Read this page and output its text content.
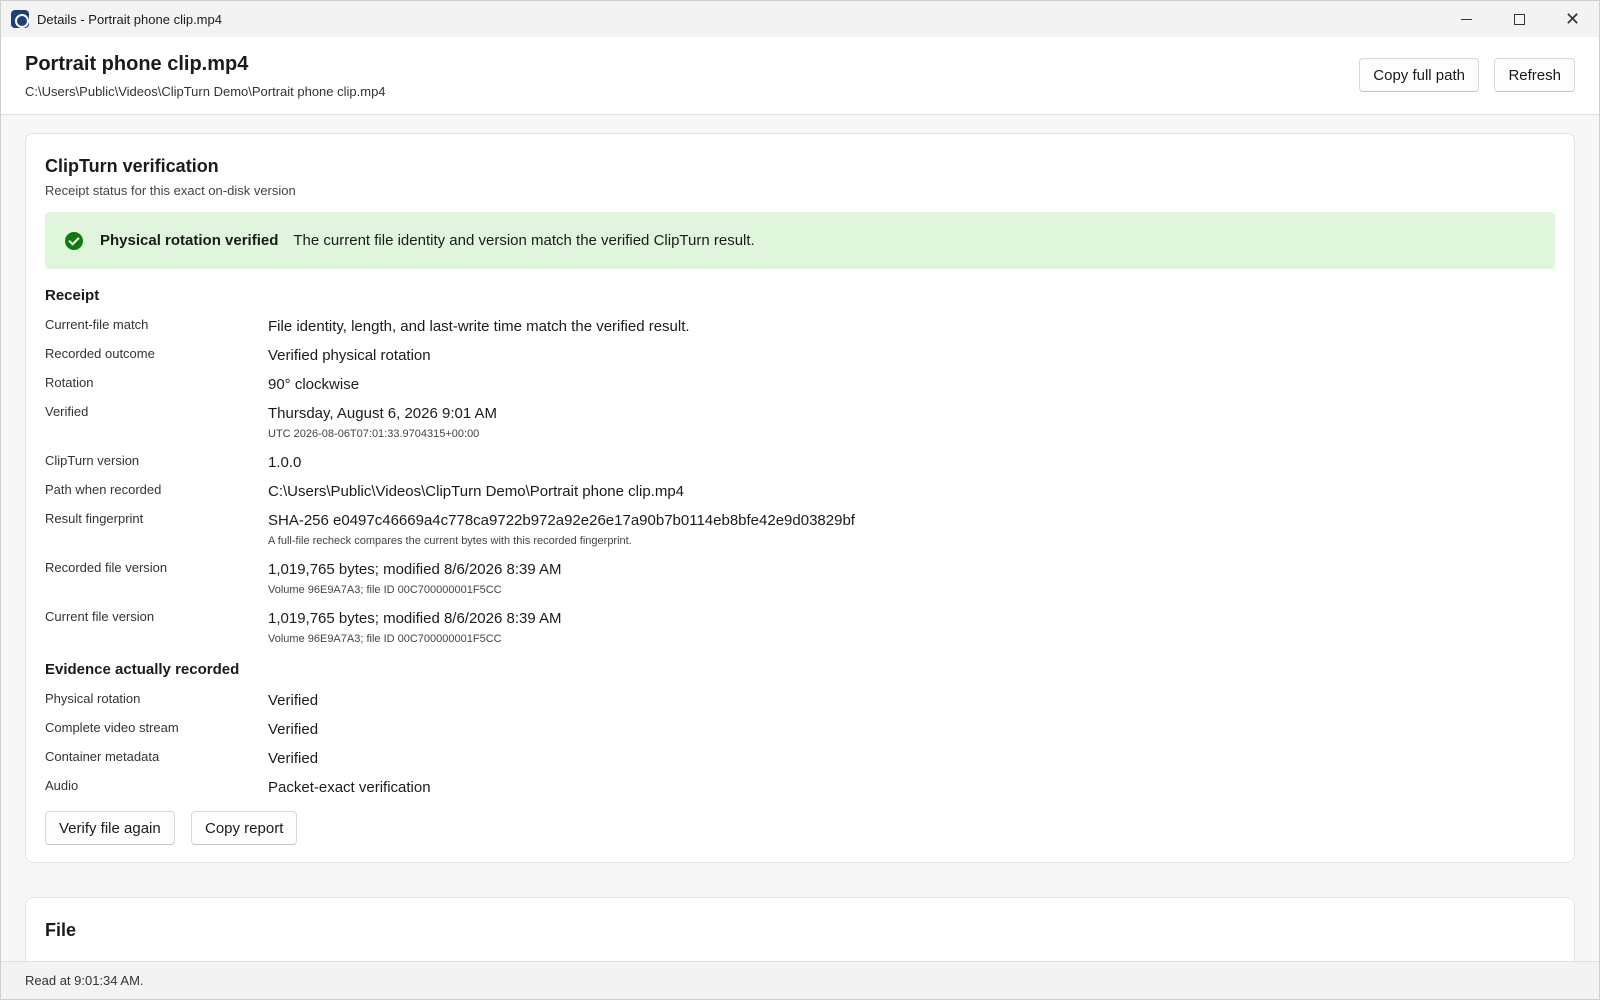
Details - Portrait phone clip.mp4	✕
Portrait phone clip.mp4
C:\Users\Public\Videos\ClipTurn Demo\Portrait phone clip.mp4
Copy full path	Refresh
ClipTurn verification
Receipt status for this exact on-disk version
Physical rotation verified The current file identity and version match the verified ClipTurn result.
Receipt
Current-file match	File identity, length, and last-write time match the verified result.
Recorded outcome	Verified physical rotation
Rotation	90° clockwise
Verified	Thursday, August 6, 2026 9:01 AM
UTC 2026-08-06T07:01:33.9704315+00:00
ClipTurn version	1.0.0
Path when recorded	C:\Users\Public\Videos\ClipTurn Demo\Portrait phone clip.mp4
Result fingerprint	SHA-256 e0497c46669a4c778ca9722b972a92e26e17a90b7b0114eb8bfe42e9d03829bf
A full-file recheck compares the current bytes with this recorded fingerprint.
Recorded file version	1,019,765 bytes; modified 8/6/2026 8:39 AM
Volume 96E9A7A3; file ID 00C700000001F5CC
Current file version	1,019,765 bytes; modified 8/6/2026 8:39 AM
Volume 96E9A7A3; file ID 00C700000001F5CC
Evidence actually recorded
Physical rotation	Verified
Complete video stream	Verified
Container metadata	Verified
Audio	Packet-exact verification
Verify file again	Copy report
File
Read at 9:01:34 AM.
